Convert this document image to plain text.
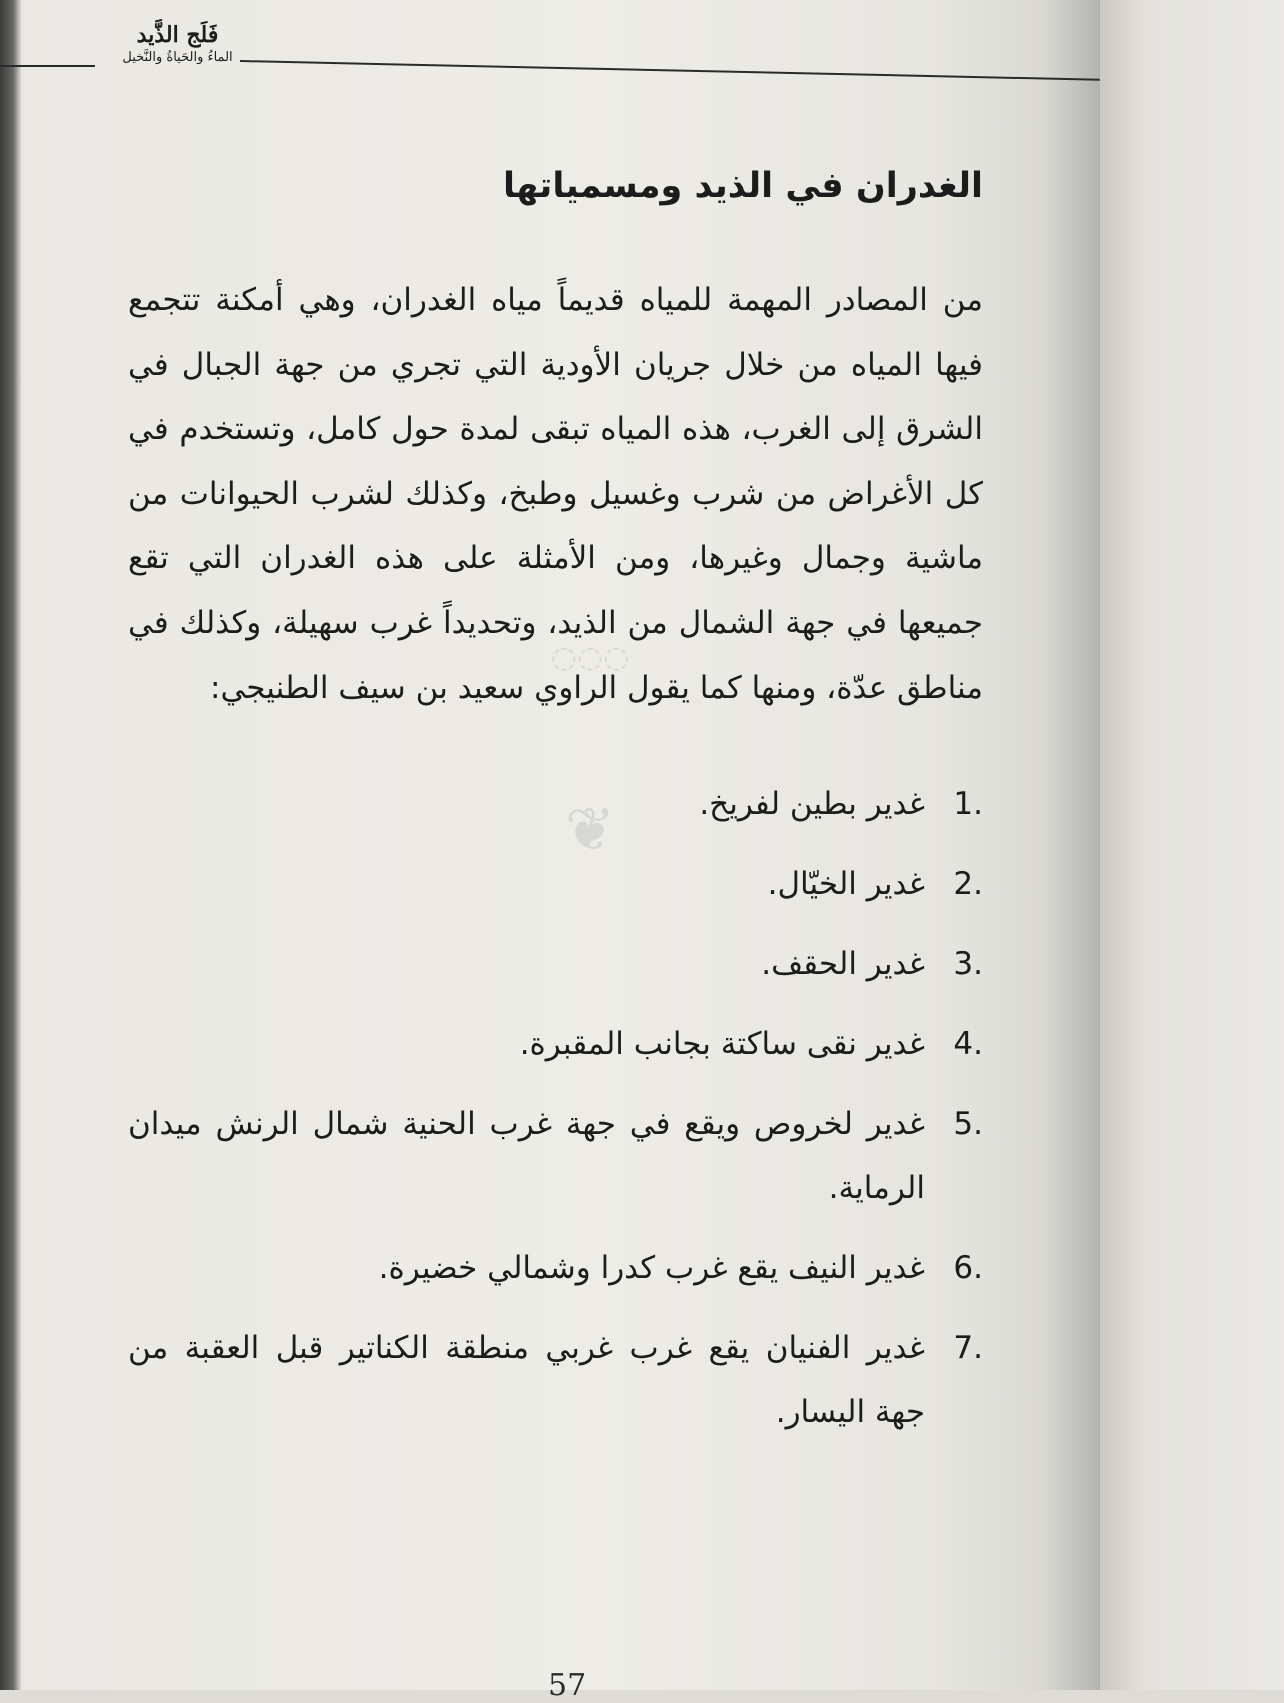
فَلَج الذَّيد
الماءُ والحَياةُ والنَّخيل
◌◌◌
❦
الغدران في الذيد ومسمياتها

من المصادر المهمة للمياه قديماً مياه الغدران، وهي أمكنة تتجمع فيها المياه من خلال جريان الأودية التي تجري من جهة الجبال في الشرق إلى الغرب، هذه المياه تبقى لمدة حول كامل، وتستخدم في كل الأغراض من شرب وغسيل وطبخ، وكذلك لشرب الحيوانات من ماشية وجمال وغيرها، ومن الأمثلة على هذه الغدران التي تقع جميعها في جهة الشمال من الذيد، وتحديداً غرب سهيلة، وكذلك في مناطق عدّة، ومنها كما يقول الراوي سعيد بن سيف الطنيجي:

1.
غدير بطين لفريخ.
2.
غدير الخيّال.
3.
غدير الحقف.
4.
غدير نقى ساكتة بجانب المقبرة.
5.
غدير لخروص ويقع في جهة غرب الحنية شمال الرنش ميدان الرماية.
6.
غدير النيف يقع غرب كدرا وشمالي خضيرة.
7.
غدير الفنيان يقع غرب غربي منطقة الكناتير قبل العقبة من جهة اليسار.
57
